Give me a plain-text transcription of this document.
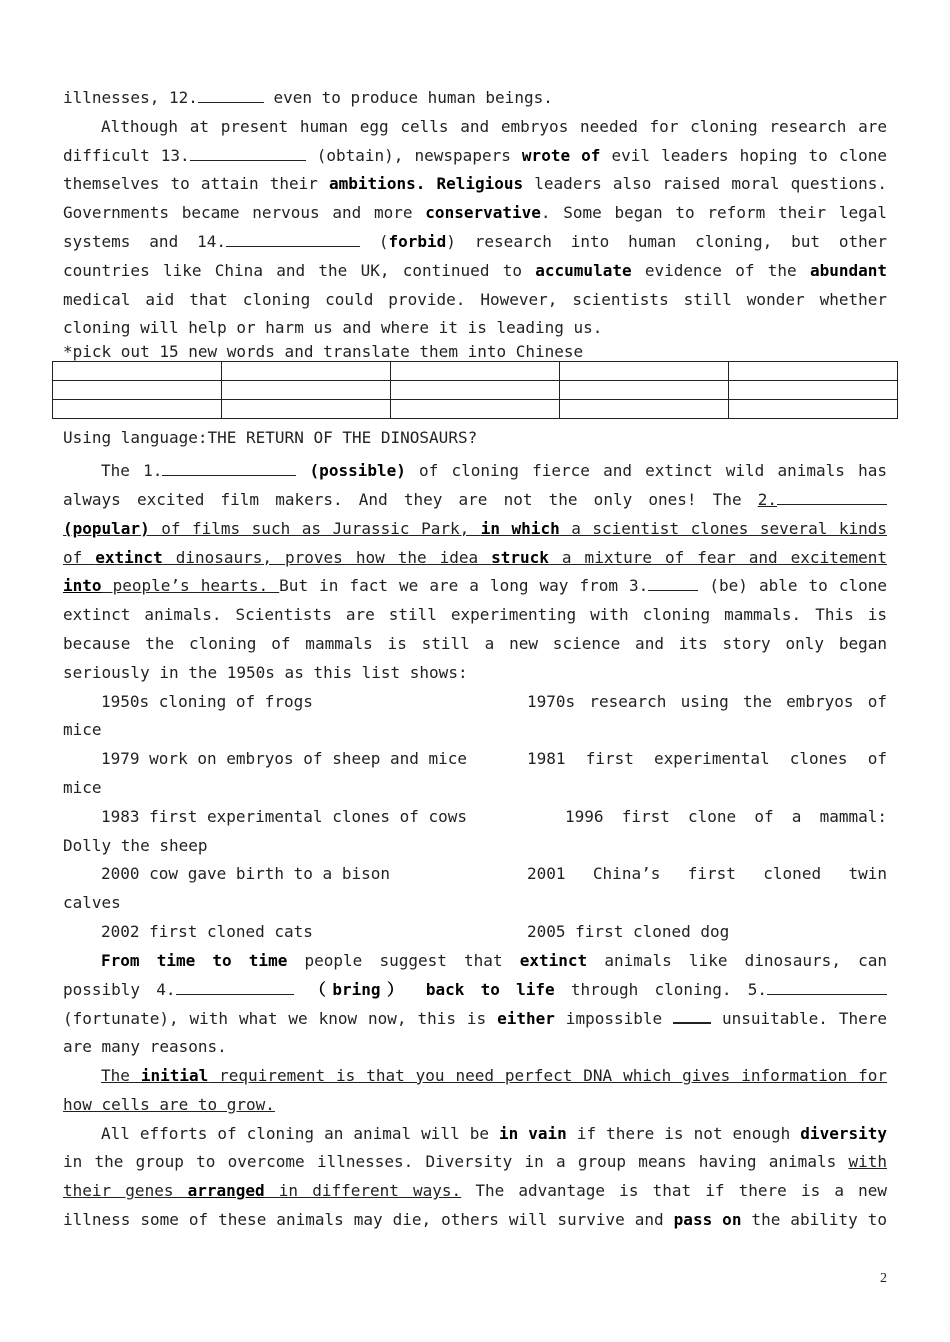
illnesses, 12.	even to produce human beings.
Although at present human egg cells and embryos needed for cloning research are
difficult 13.	(obtain), newspapers wrote of evil leaders hoping to clone
themselves to attain their ambitions. Religious leaders also raised moral questions.
Governments became nervous and more conservative. Some began to reform their legal
systems and 14.	(forbid) research into human cloning, but other
countries like China and the UK, continued to accumulate evidence of the abundant
medical aid that cloning could provide. However, scientists still wonder whether
cloning will help or harm us and where it is leading us.
*pick out 15 new words and translate them into Chinese

Using language:THE RETURN OF THE DINOSAURS?
The 1.	(possible) of cloning fierce and extinct wild animals has
always excited film makers. And they are not the only ones! The 2.
(popular) of films such as Jurassic Park, in which a scientist clones several kinds
of extinct dinosaurs, proves how the idea struck a mixture of fear and excitement
into people’s hearts. But in fact we are a long way from 3.	(be) able to clone
extinct animals. Scientists are still experimenting with cloning mammals. This is
because the cloning of mammals is still a new science and its story only began
seriously in the 1950s as this list shows:
1950s cloning of frogs	1970s research using the embryos of
mice
1979 work on embryos of sheep and mice	1981 first experimental clones of
mice
1983 first experimental clones of cows	1996 first clone of a mammal:
Dolly the sheep
2000 cow gave birth to a bison	2001 China’s first cloned twin
calves
2002 first cloned cats	2005 first cloned dog
From time to time people suggest that extinct animals like dinosaurs, can
possibly 4.	（bring） back to life through cloning. 5.
(fortunate), with what we know now, this is either impossible  unsuitable. There
are many reasons.
The initial requirement is that you need perfect DNA which gives information for
how cells are to grow.
All efforts of cloning an animal will be in vain if there is not enough diversity
in the group to overcome illnesses. Diversity in a group means having animals with
their genes arranged in different ways. The advantage is that if there is a new
illness some of these animals may die, others will survive and pass on the ability to
2
